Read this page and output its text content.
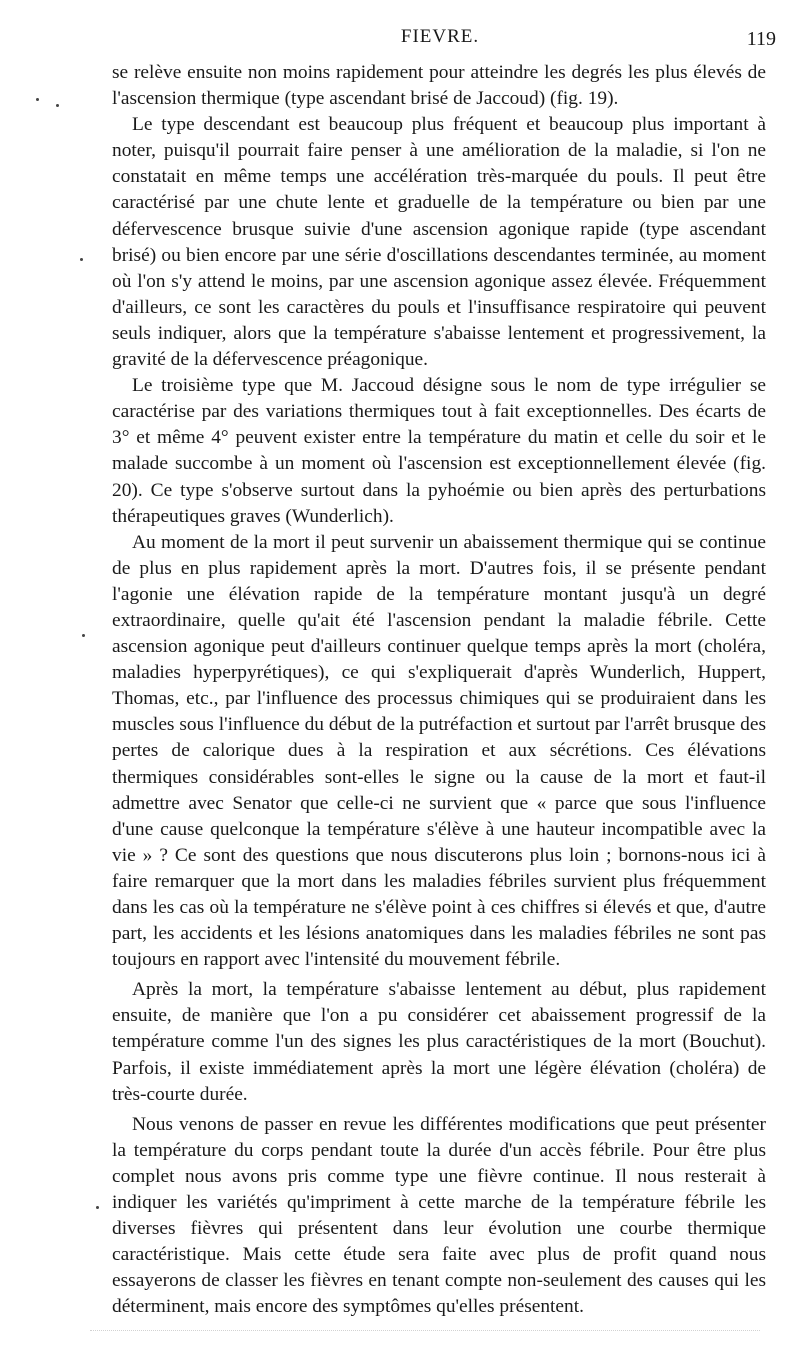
FIEVRE.	119

se relève ensuite non moins rapidement pour atteindre les degrés les plus élevés de l'ascension thermique (type ascendant brisé de Jaccoud) (fig. 19).

Le type descendant est beaucoup plus fréquent et beaucoup plus important à noter, puisqu'il pourrait faire penser à une amélioration de la maladie, si l'on ne constatait en même temps une accélération très-marquée du pouls. Il peut être caractérisé par une chute lente et graduelle de la température ou bien par une défervescence brusque suivie d'une ascension agonique rapide (type ascendant brisé) ou bien encore par une série d'oscillations descendantes terminée, au moment où l'on s'y attend le moins, par une ascension agonique assez élevée. Fréquemment d'ailleurs, ce sont les caractères du pouls et l'insuffisance respiratoire qui peuvent seuls indiquer, alors que la température s'abaisse lentement et progressivement, la gravité de la défervescence préagonique.

Le troisième type que M. Jaccoud désigne sous le nom de type irrégulier se caractérise par des variations thermiques tout à fait exceptionnelles. Des écarts de 3° et même 4° peuvent exister entre la température du matin et celle du soir et le malade succombe à un moment où l'ascension est exceptionnellement élevée (fig. 20). Ce type s'observe surtout dans la pyhoémie ou bien après des perturbations thérapeutiques graves (Wunderlich).

Au moment de la mort il peut survenir un abaissement thermique qui se continue de plus en plus rapidement après la mort. D'autres fois, il se présente pendant l'agonie une élévation rapide de la température montant jusqu'à un degré extraordinaire, quelle qu'ait été l'ascension pendant la maladie fébrile. Cette ascension agonique peut d'ailleurs continuer quelque temps après la mort (choléra, maladies hyperpyrétiques), ce qui s'expliquerait d'après Wunderlich, Huppert, Thomas, etc., par l'influence des processus chimiques qui se produiraient dans les muscles sous l'influence du début de la putréfaction et surtout par l'arrêt brusque des pertes de calorique dues à la respiration et aux sécrétions. Ces élévations thermiques considérables sont-elles le signe ou la cause de la mort et faut-il admettre avec Senator que celle-ci ne survient que « parce que sous l'influence d'une cause quelconque la température s'élève à une hauteur incompatible avec la vie » ? Ce sont des questions que nous discuterons plus loin ; bornons-nous ici à faire remarquer que la mort dans les maladies fébriles survient plus fréquemment dans les cas où la température ne s'élève point à ces chiffres si élevés et que, d'autre part, les accidents et les lésions anatomiques dans les maladies fébriles ne sont pas toujours en rapport avec l'intensité du mouvement fébrile.

Après la mort, la température s'abaisse lentement au début, plus rapidement ensuite, de manière que l'on a pu considérer cet abaissement progressif de la température comme l'un des signes les plus caractéristiques de la mort (Bouchut). Parfois, il existe immédiatement après la mort une légère élévation (choléra) de très-courte durée.

Nous venons de passer en revue les différentes modifications que peut présenter la température du corps pendant toute la durée d'un accès fébrile. Pour être plus complet nous avons pris comme type une fièvre continue. Il nous resterait à indiquer les variétés qu'impriment à cette marche de la température fébrile les diverses fièvres qui présentent dans leur évolution une courbe thermique caractéristique. Mais cette étude sera faite avec plus de profit quand nous essayerons de classer les fièvres en tenant compte non-seulement des causes qui les déterminent, mais encore des symptômes qu'elles présentent.
